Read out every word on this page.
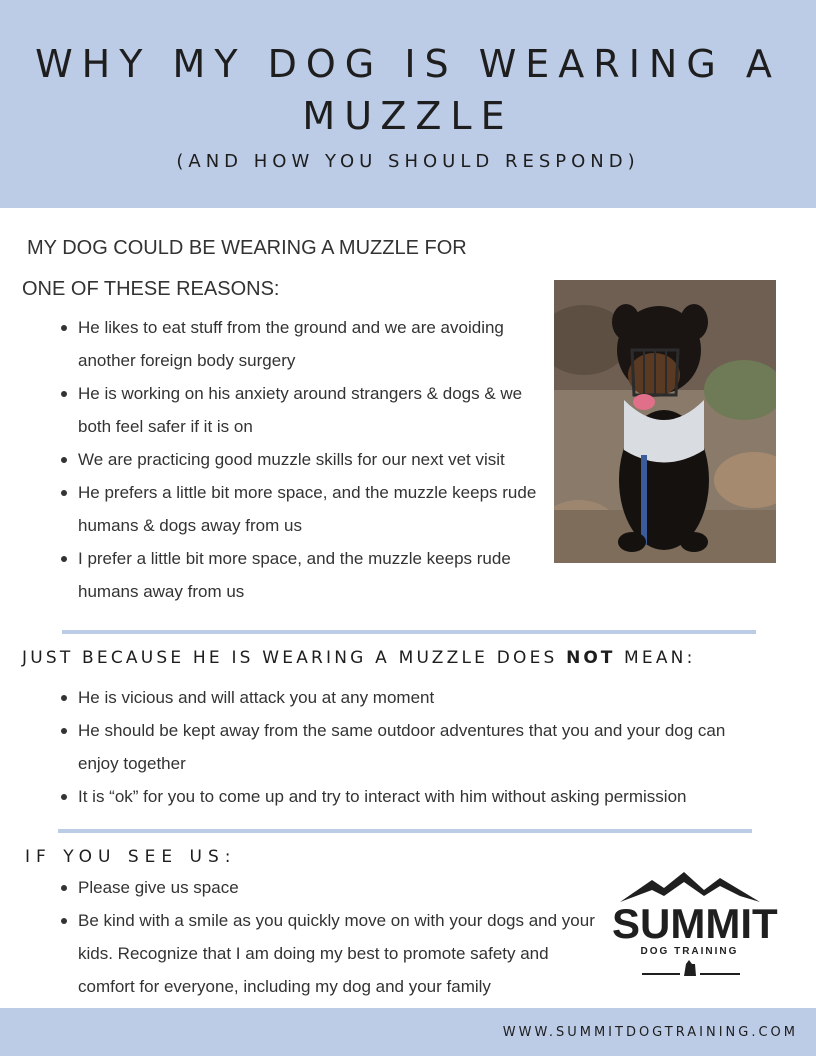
WHY MY DOG IS WEARING A
MUZZLE
(AND HOW YOU SHOULD RESPOND)
MY DOG COULD BE WEARING A MUZZLE FOR
ONE OF THESE REASONS:
He likes to eat stuff from the ground and we are avoiding another foreign body surgery
He is working on his anxiety around strangers & dogs & we both feel safer if it is on
We are practicing good muzzle skills for our next vet visit
He prefers a little bit more space, and the muzzle keeps rude humans & dogs away from us
I prefer a little bit more space, and the muzzle keeps rude humans away from us
JUST BECAUSE HE IS WEARING A MUZZLE DOES NOT MEAN:
He is vicious and will attack you at any moment
He should be kept away from the same outdoor adventures that you and your dog can enjoy together
It is “ok” for you to come up and try to interact with him without asking permission
IF YOU SEE US:
Please give us space
Be kind with a smile as you quickly move on with your dogs and your kids. Recognize that I am doing my best to promote safety and comfort for everyone, including my dog and your family
SUMMIT
DOG TRAINING
WWW.SUMMITDOGTRAINING.COM
